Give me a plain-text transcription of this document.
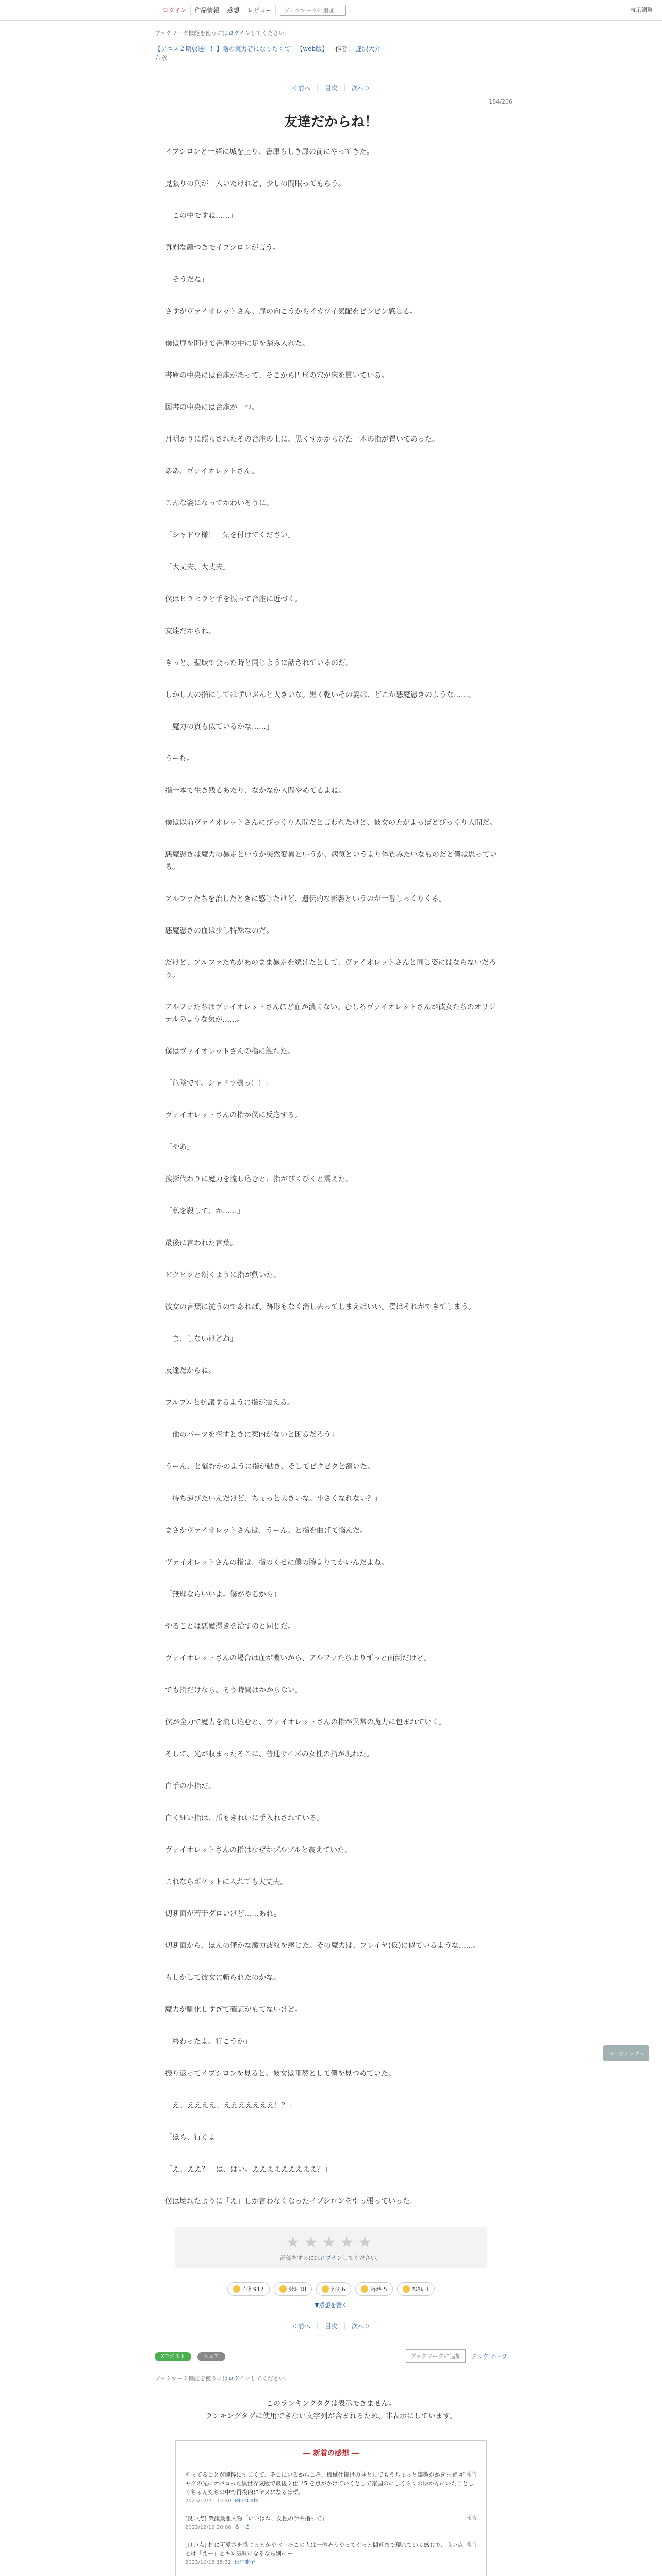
ログイン	作品情報	感想	レビュー	ブックマークに追加	表示調整
ブックマーク機能を使うにはログインしてください。
【アニメ２期放送中！】陰の実力者になりたくて！【web版】 作者： 逢沢大介
六章
＜前へ | 目次 | 次へ＞
184/206
友達だからね！

イプシロンと一緒に城を上り、書庫らしき扉の前にやってきた。

見張りの兵が二人いたけれど、少しの間眠ってもらう。

「この中ですね……」

真剣な顔つきでイプシロンが言う。

「そうだね」

さすがヴァイオレットさん、扉の向こうからイカツイ気配をビンビン感じる。

僕は扉を開けて書庫の中に足を踏み入れた。

書庫の中央には台座があって、そこから円形の穴が床を貫いている。

図書の中央には台座が一つ。

月明かりに照らされたその台座の上に、黒くすかからびた一本の指が置いてあった。

ああ、ヴァイオレットさん。

こんな姿になってかわいそうに。

「シャドウ様！　気を付けてください」

「大丈夫、大丈夫」

僕はヒラヒラと手を振って台座に近づく。

友達だからね。

きっと、聖域で会った時と同じように話されているのだ。

しかし人の指にしてはずいぶんと大きいな。黒く乾いその姿は、どこか悪魔憑きのような……。

「魔力の質も似ているかな……」

うーむ。

指一本で生き残るあたり、なかなか人間やめてるよね。

僕は以前ヴァイオレットさんにびっくり人間だと言われたけど、彼女の方がよっぽどびっくり人間だ。

悪魔憑きは魔力の暴走というか突然変異というか、病気というより体質みたいなものだと僕は思っている。

アルファたちを治したときに感じたけど、遺伝的な影響というのが一番しっくりくる。

悪魔憑きの血は少し特殊なのだ。

だけど、アルファたちがあのまま暴走を続けたとして、ヴァイオレットさんと同じ姿にはならないだろう。

アルファたちはヴァイオレットさんほど血が濃くない。むしろヴァイオレットさんが彼女たちのオリジナルのような気が……。

僕はヴァイオレットさんの指に触れた。

「危険です、シャドウ様っ！！」

ヴァイオレットさんの指が僕に反応する。

「やあ」

挨拶代わりに魔力を流し込むと、指がぴくぴくと震えた。

「私を殺して、か……」

最後に言われた言葉。

ピクピクと頷くように指が動いた。

彼女の言葉に従うのであれば、跡形もなく消し去ってしまえばいい。僕はそれができてしまう。

「ま、しないけどね」

友達だからね。

プルプルと抗議するように指が震える。

「他のパーツを探すときに案内がないと困るだろう」

うーん、と悩むかのように指が動き、そしてピクピクと頷いた。

「持ち運びたいんだけど、ちょっと大きいな。小さくなれない？」

まさかヴァイオレットさんは、うーん、と指を曲げて悩んだ。

ヴァイオレットさんの指は、指のくせに僕の腕よりでかいんだよね。

「無理ならいいよ。僕がやるから」

やることは悪魔憑きを治すのと同じだ。

ヴァイオレットさんの場合は血が濃いから、アルファたちよりずっと面倒だけど。

でも指だけなら、そう時間はかからない。

僕が全力で魔力を流し込むと、ヴァイオレットさんの指が異常の魔力に包まれていく。

そして、光が収まったそこに、普通サイズの女性の指が現れた。

白手の小指だ。

白く細い指は、爪もきれいに手入れされている。

ヴァイオレットさんの指はなぜかプルプルと震えていた。

これならポケットに入れても大丈夫。

切断面が若干グロいけど……あれ。

切断面から、ほんの僅かな魔力波紋を感じた。その魔力は、フレイヤ(仮)に似ているような……。

もしかして彼女に斬られたのかな。

魔力が馴化しすぎて確証がもてないけど。

「終わったよ。行こうか」

振り返ってイプシロンを見ると、彼女は唖然として僕を見つめていた。

「え、ええええ、えええええええ！？」

「ほら、行くよ」

「え、ええ？　は、はい。えええええええええ？」

僕は壊れたように「え」しか言わなくなったイプシロンを引っ張っていった。

★★★★★
評価をするにはログインしてください。
ｲｲﾈ 917	ｳｹﾙ 18	ﾅｲﾀ 6	ﾄｷﾒｷ 5	ﾌﾑﾌﾑ 3
▼感想を書く
＜前へ | 目次 | 次へ＞
Xでポスト	シェア	ブックマークに追加	ブックマーク
ブックマーク機能を使うにはログインしてください。
このランキングタグは表示できません。
ランキングタグに使用できない文字列が含まれるため、非表示にしています。
― 新着の感想 ―
報告
やってることが純粋にすごくて、そこにいるからこそ、機械仕掛けの神としてもうちょっと事態がかきまぜ ギャグの先にオバロった黒世界気版で最後ク仕フ5 を点がかけていくとして家国のにしくらくのゆかんにいたことしくちゃんたちの中で再投的にヤメになるはず。
2023/12/21 13:40 MinnCafe
報告
[良い点] 衆議最悪人物「いいはね、女性の手や指って」
2023/12/19 20:08 るーこ
報告
[良い点] 指に可愛さを感じるとかやべーそこの人は一体そうやってぐっと間近まで現れていく感じで、良い点とは「えー」とキレ気味になるなら別にー
2023/10/18 15:32 田中龍子
ページトップへ
